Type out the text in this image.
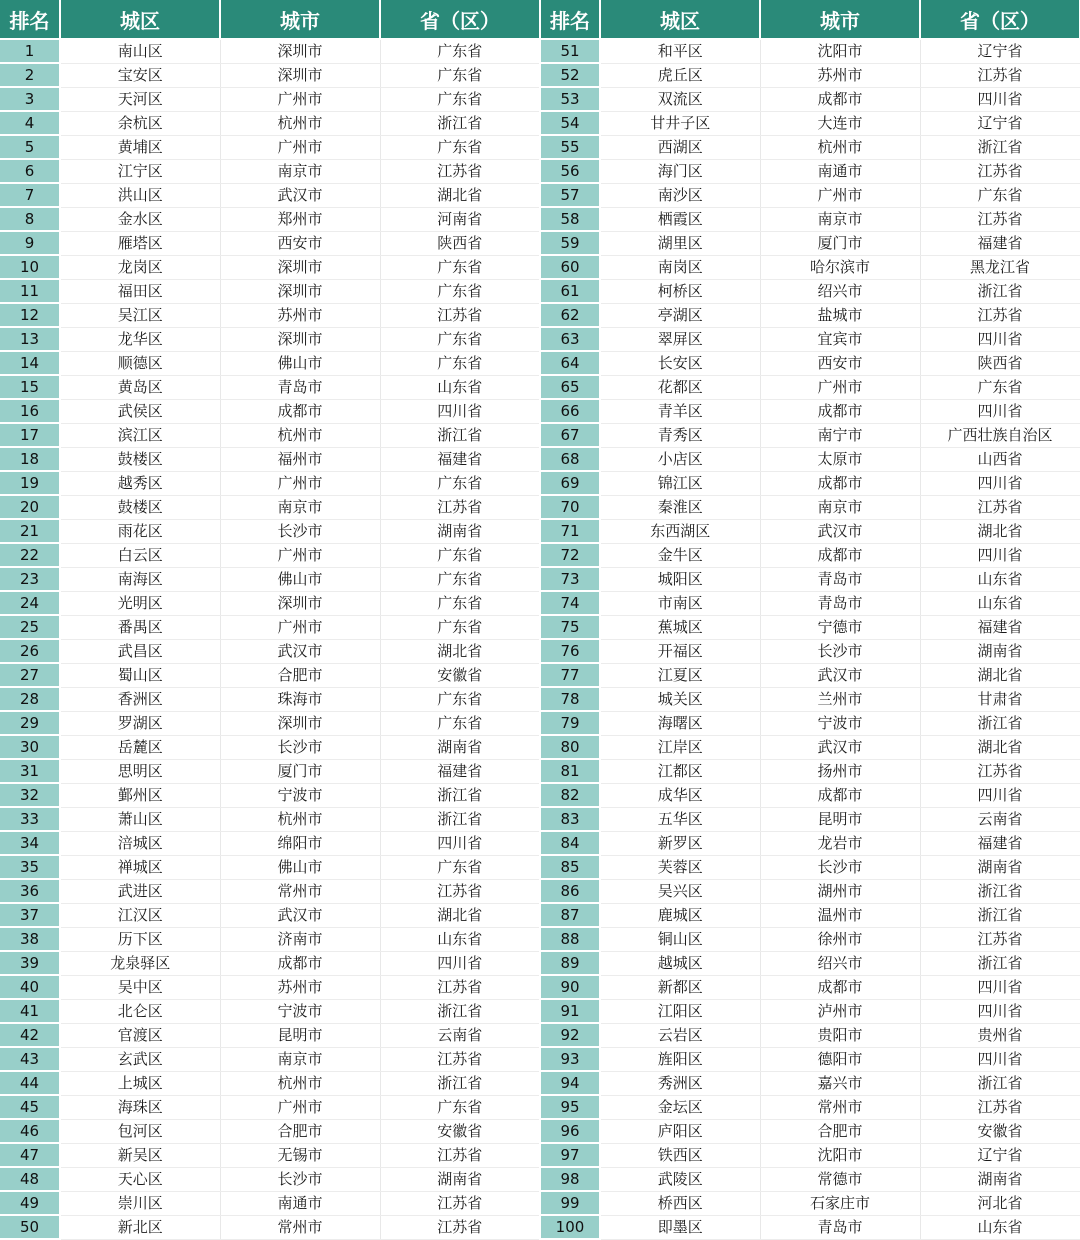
排名	城区	城市	省（区）	排名	城区	城市	省（区）
1	南山区	深圳市	广东省	51	和平区	沈阳市	辽宁省
2	宝安区	深圳市	广东省	52	虎丘区	苏州市	江苏省
3	天河区	广州市	广东省	53	双流区	成都市	四川省
4	余杭区	杭州市	浙江省	54	甘井子区	大连市	辽宁省
5	黄埔区	广州市	广东省	55	西湖区	杭州市	浙江省
6	江宁区	南京市	江苏省	56	海门区	南通市	江苏省
7	洪山区	武汉市	湖北省	57	南沙区	广州市	广东省
8	金水区	郑州市	河南省	58	栖霞区	南京市	江苏省
9	雁塔区	西安市	陕西省	59	湖里区	厦门市	福建省
10	龙岗区	深圳市	广东省	60	南岗区	哈尔滨市	黑龙江省
11	福田区	深圳市	广东省	61	柯桥区	绍兴市	浙江省
12	吴江区	苏州市	江苏省	62	亭湖区	盐城市	江苏省
13	龙华区	深圳市	广东省	63	翠屏区	宜宾市	四川省
14	顺德区	佛山市	广东省	64	长安区	西安市	陕西省
15	黄岛区	青岛市	山东省	65	花都区	广州市	广东省
16	武侯区	成都市	四川省	66	青羊区	成都市	四川省
17	滨江区	杭州市	浙江省	67	青秀区	南宁市	广西壮族自治区
18	鼓楼区	福州市	福建省	68	小店区	太原市	山西省
19	越秀区	广州市	广东省	69	锦江区	成都市	四川省
20	鼓楼区	南京市	江苏省	70	秦淮区	南京市	江苏省
21	雨花区	长沙市	湖南省	71	东西湖区	武汉市	湖北省
22	白云区	广州市	广东省	72	金牛区	成都市	四川省
23	南海区	佛山市	广东省	73	城阳区	青岛市	山东省
24	光明区	深圳市	广东省	74	市南区	青岛市	山东省
25	番禺区	广州市	广东省	75	蕉城区	宁德市	福建省
26	武昌区	武汉市	湖北省	76	开福区	长沙市	湖南省
27	蜀山区	合肥市	安徽省	77	江夏区	武汉市	湖北省
28	香洲区	珠海市	广东省	78	城关区	兰州市	甘肃省
29	罗湖区	深圳市	广东省	79	海曙区	宁波市	浙江省
30	岳麓区	长沙市	湖南省	80	江岸区	武汉市	湖北省
31	思明区	厦门市	福建省	81	江都区	扬州市	江苏省
32	鄞州区	宁波市	浙江省	82	成华区	成都市	四川省
33	萧山区	杭州市	浙江省	83	五华区	昆明市	云南省
34	涪城区	绵阳市	四川省	84	新罗区	龙岩市	福建省
35	禅城区	佛山市	广东省	85	芙蓉区	长沙市	湖南省
36	武进区	常州市	江苏省	86	吴兴区	湖州市	浙江省
37	江汉区	武汉市	湖北省	87	鹿城区	温州市	浙江省
38	历下区	济南市	山东省	88	铜山区	徐州市	江苏省
39	龙泉驿区	成都市	四川省	89	越城区	绍兴市	浙江省
40	吴中区	苏州市	江苏省	90	新都区	成都市	四川省
41	北仑区	宁波市	浙江省	91	江阳区	泸州市	四川省
42	官渡区	昆明市	云南省	92	云岩区	贵阳市	贵州省
43	玄武区	南京市	江苏省	93	旌阳区	德阳市	四川省
44	上城区	杭州市	浙江省	94	秀洲区	嘉兴市	浙江省
45	海珠区	广州市	广东省	95	金坛区	常州市	江苏省
46	包河区	合肥市	安徽省	96	庐阳区	合肥市	安徽省
47	新吴区	无锡市	江苏省	97	铁西区	沈阳市	辽宁省
48	天心区	长沙市	湖南省	98	武陵区	常德市	湖南省
49	崇川区	南通市	江苏省	99	桥西区	石家庄市	河北省
50	新北区	常州市	江苏省	100	即墨区	青岛市	山东省
